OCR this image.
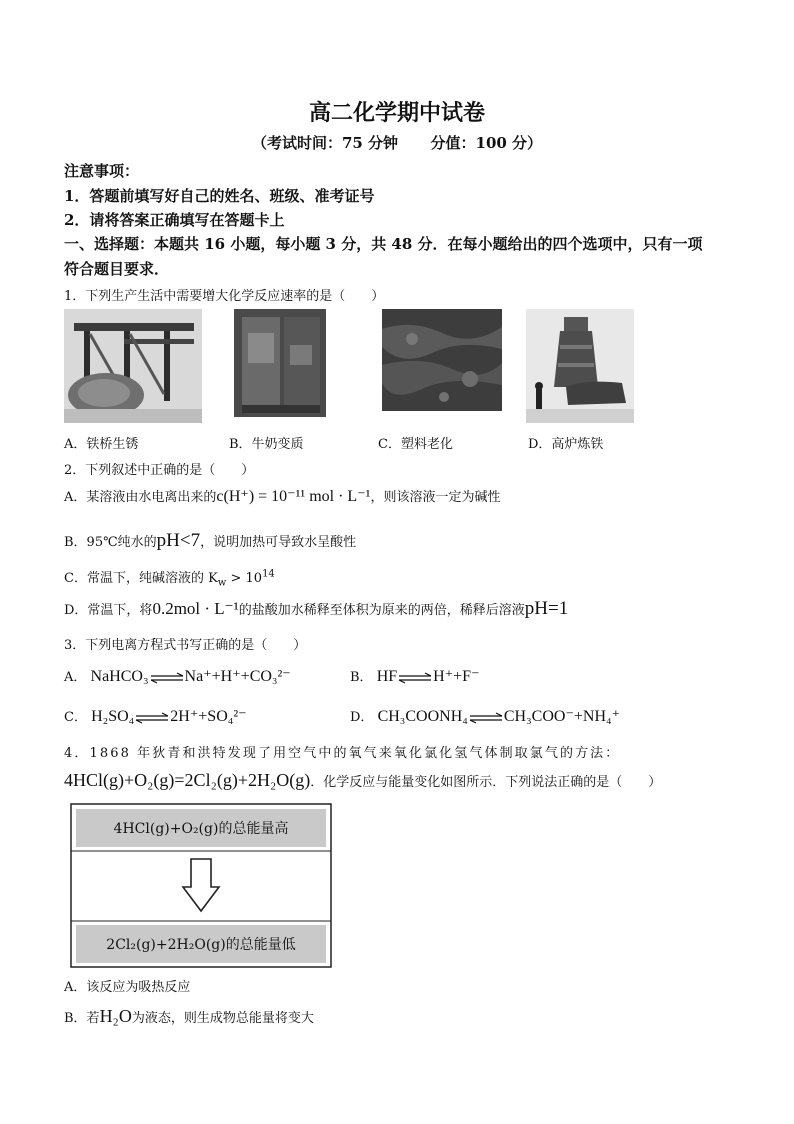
高二化学期中试卷
（考试时间：75 分钟 分值：100 分）
注意事项：
1．答题前填写好自己的姓名、班级、准考证号
2．请将答案正确填写在答题卡上
一、选择题：本题共 16 小题，每小题 3 分，共 48 分．在每小题给出的四个选项中，只有一项
符合题目要求．
1．下列生产生活中需要增大化学反应速率的是（　　）
A．铁桥生锈	B．牛奶变质	C．塑料老化	D．高炉炼铁
2．下列叙述中正确的是（　　）
A．某溶液由水电离出来的c(H⁺) = 10⁻¹¹ mol · L⁻¹，则该溶液一定为碱性
B．95℃纯水的pH<7，说明加热可导致水呈酸性
C．常温下，纯碱溶液的 $K_w > 10^{14}$
D．常温下，将0.2mol · L⁻¹的盐酸加水稀释至体积为原来的两倍，稀释后溶液pH=1
3．下列电离方程式书写正确的是（　　）
A． NaHCO₃⇌Na⁺+H⁺+CO₃²⁻	B． HF⇌H⁺+F⁻
C． H₂SO₄⇌2H⁺+SO₄²⁻	D． CH₃COONH₄⇌CH₃COO⁻+NH₄⁺
4．1868 年狄青和洪特发现了用空气中的氧气来氧化氯化氢气体制取氯气的方法：
4HCl(g)+O₂(g)=2Cl₂(g)+2H₂O(g)．化学反应与能量变化如图所示．下列说法正确的是（　　）
4HCl(g)+O₂(g)的总能量高
2Cl₂(g)+2H₂O(g)的总能量低
A．该反应为吸热反应
B．若H₂O为液态，则生成物总能量将变大
